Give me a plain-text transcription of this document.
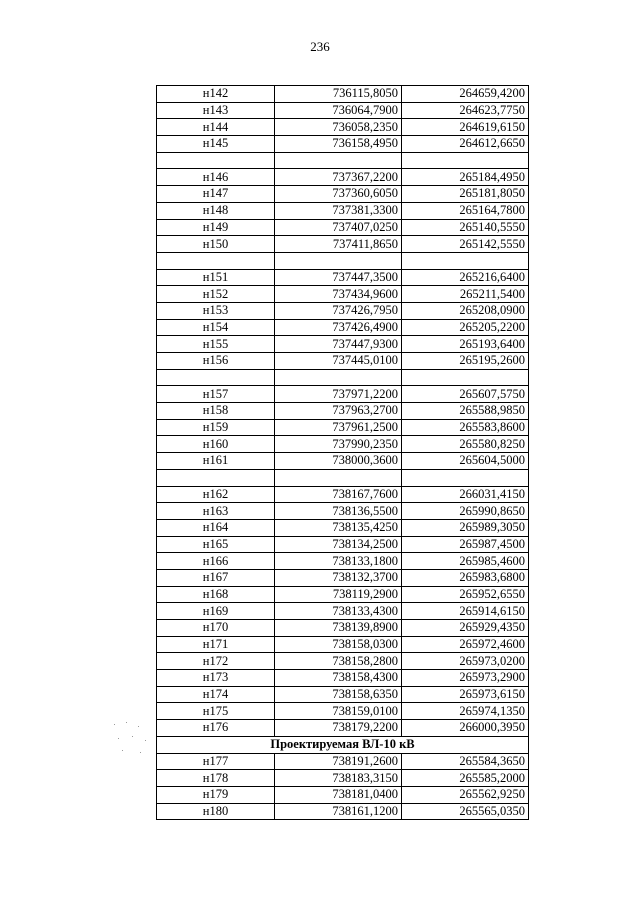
236
н142	736115,8050	264659,4200
н143	736064,7900	264623,7750
н144	736058,2350	264619,6150
н145	736158,4950	264612,6650

н146	737367,2200	265184,4950
н147	737360,6050	265181,8050
н148	737381,3300	265164,7800
н149	737407,0250	265140,5550
н150	737411,8650	265142,5550

н151	737447,3500	265216,6400
н152	737434,9600	265211,5400
н153	737426,7950	265208,0900
н154	737426,4900	265205,2200
н155	737447,9300	265193,6400
н156	737445,0100	265195,2600

н157	737971,2200	265607,5750
н158	737963,2700	265588,9850
н159	737961,2500	265583,8600
н160	737990,2350	265580,8250
н161	738000,3600	265604,5000

н162	738167,7600	266031,4150
н163	738136,5500	265990,8650
н164	738135,4250	265989,3050
н165	738134,2500	265987,4500
н166	738133,1800	265985,4600
н167	738132,3700	265983,6800
н168	738119,2900	265952,6550
н169	738133,4300	265914,6150
н170	738139,8900	265929,4350
н171	738158,0300	265972,4600
н172	738158,2800	265973,0200
н173	738158,4300	265973,2900
н174	738158,6350	265973,6150
н175	738159,0100	265974,1350
н176	738179,2200	266000,3950
Проектируемая ВЛ-10 кВ		
н177	738191,2600	265584,3650
н178	738183,3150	265585,2000
н179	738181,0400	265562,9250
н180	738161,1200	265565,0350
